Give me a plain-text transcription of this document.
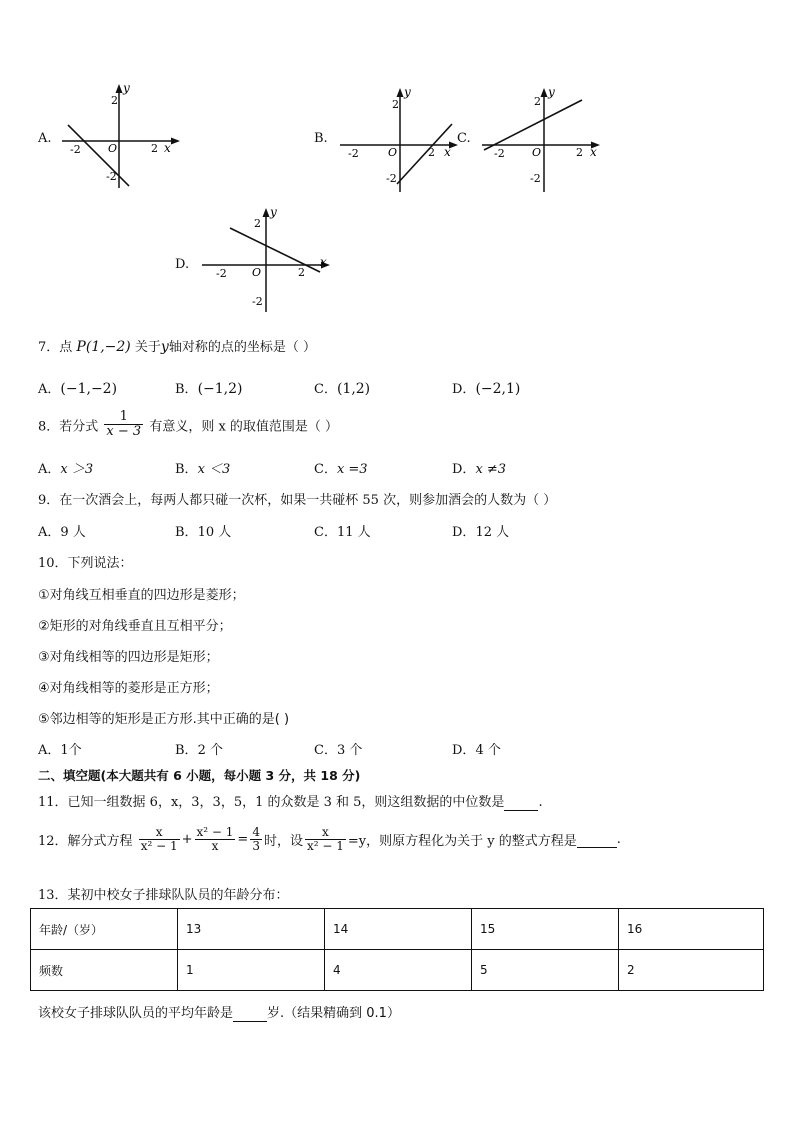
A.
y
2
-2 O	2 x
-2
B.
y
2
-2	O	2 x
-2
C.
y
2
-2 O	2 x
-2
D.
y
2
-2 O	2
x
-2
7．点 P(1,−2) 关于y轴对称的点的坐标是（ ）
A．(−1,−2)	B．(−1,2)	C．(1,2)	D．(−2,1)
8．若分式 $\frac{1}{x - 3}$ 有意义，则 x 的取值范围是（ ）
A．x ＞3	B．x ＜3	C．x =3	D．x ≠3
9．在一次酒会上，每两人都只碰一次杯，如果一共碰杯 55 次，则参加酒会的人数为（ ）
A．9 人	B．10 人	C．11 人	D．12 人
10．下列说法：
①对角线互相垂直的四边形是菱形；
②矩形的对角线垂直且互相平分；
③对角线相等的四边形是矩形；
④对角线相等的菱形是正方形；
⑤邻边相等的矩形是正方形.其中正确的是( )
A．1个	B．2 个	C．3 个	D．4 个
二、填空题(本大题共有 6 小题，每小题 3 分，共 18 分)
11．已知一组数据 6，x，3，3，5，1 的众数是 3 和 5，则这组数据的中位数是	.
12．解分式方程 $\frac{x}{\text{x² − 1}} + \frac{\text{x² − 1}}{x} = \frac{4}{3}$ 时，设 $\frac{x}{\text{x² − 1}} =y$，则原方程化为关于 y 的整式方程是	.
13．某初中校女子排球队队员的年龄分布：
年龄/（岁）	13	14	15	16
频数	1	4	5	2
该校女子排球队队员的平均年龄是	岁.（结果精确到 0.1）
